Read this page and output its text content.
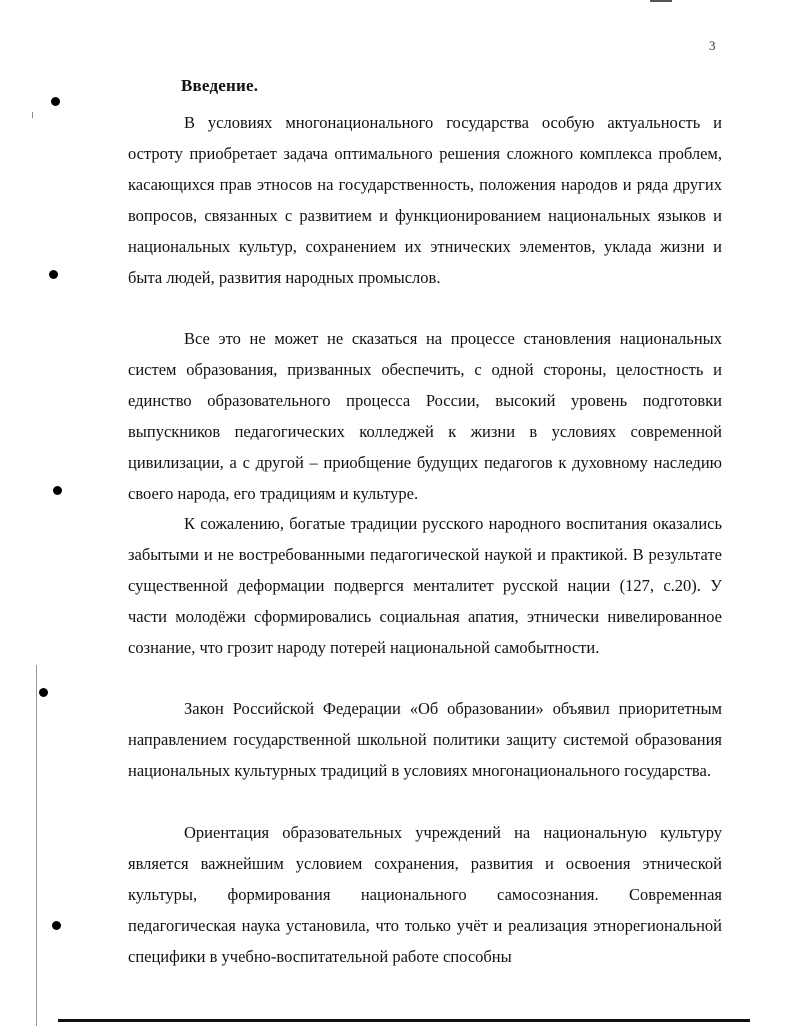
3
Введение.
В условиях многонационального государства особую актуальность и остроту приобретает задача оптимального решения сложного комплекса проблем, касающихся прав этносов на государственность, положения народов и ряда других вопросов, связанных с развитием и функционированием национальных языков и национальных культур, сохранением их этнических элементов, уклада жизни и быта людей, развития народных промыслов.
Все это не может не сказаться на процессе становления национальных систем образования, призванных обеспечить, с одной стороны, целостность и единство образовательного процесса России, высокий уровень подготовки выпускников педагогических колледжей к жизни в условиях современной цивилизации, а с другой – приобщение будущих педагогов к духовному наследию своего народа, его традициям и культуре.
К сожалению, богатые традиции русского народного воспитания оказались забытыми и не востребованными педагогической наукой и практикой. В результате существенной деформации подвергся менталитет русской нации (127, с.20). У части молодёжи сформировались социальная апатия, этнически нивелированное сознание, что грозит народу потерей национальной самобытности.
Закон Российской Федерации «Об образовании» объявил приоритетным направлением государственной школьной политики защиту системой образования национальных культурных традиций в условиях многонационального государства.
Ориентация образовательных учреждений на национальную культуру является важнейшим условием сохранения, развития и освоения этнической культуры, формирования национального самосознания. Современная педагогическая наука установила, что только учёт и реализация этнорегиональной специфики в учебно-воспитательной работе способны
